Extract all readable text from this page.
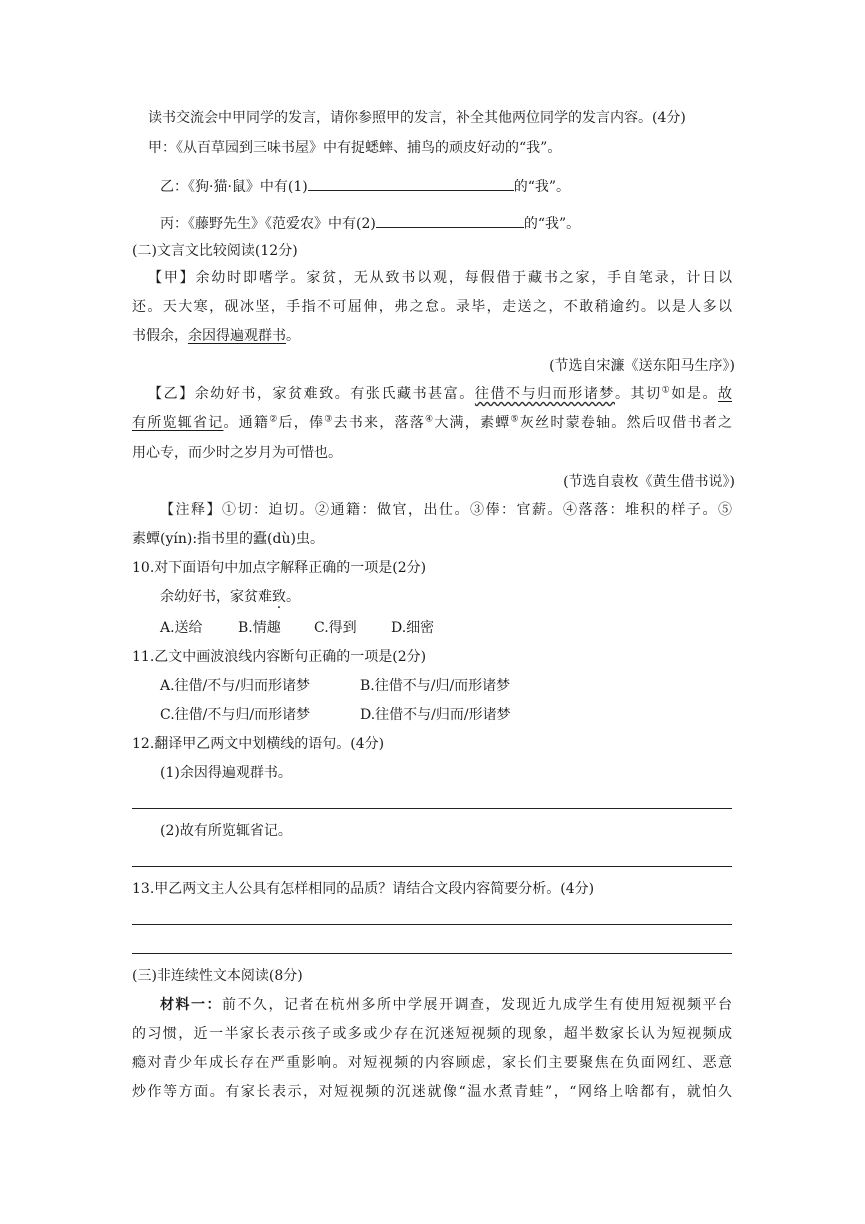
读书交流会中甲同学的发言，请你参照甲的发言，补全其他两位同学的发言内容。(4分)
甲：《从百草园到三味书屋》中有捉蟋蟀、捕鸟的顽皮好动的“我”。
乙：《狗·猫·鼠》中有(1)	的“我”。
丙：《藤野先生》《范爱农》中有(2)	的“我”。
(二)文言文比较阅读(12分)
【甲】余幼时即嗜学。家贫，无从致书以观，每假借于藏书之家，手自笔录，计日以
还。天大寒，砚冰坚，手指不可屈伸，弗之怠。录毕，走送之，不敢稍逾约。以是人多以
书假余，余因得遍观群书。
(节选自宋濂《送东阳马生序》)
【乙】余幼好书，家贫难致。有张氏藏书甚富。往借不与归而形诸梦。其切①如是。故
有所览辄省记。通籍②后，俸③去书来，落落④大满，素蟫⑤灰丝时蒙卷轴。然后叹借书者之
用心专，而少时之岁月为可惜也。
(节选自袁枚《黄生借书说》)
【注释】①切：迫切。②通籍：做官，出仕。③俸：官薪。④落落：堆积的样子。⑤
素蟫(yín):指书里的蠹(dù)虫。
10.对下面语句中加点字解释正确的一项是(2分)
余幼好书，家贫难致。
A.送给	B.情趣 C.得到 D.细密
11.乙文中画波浪线内容断句正确的一项是(2分)
A.往借/不与/归而形诸梦	B.往借不与/归/而形诸梦
C.往借/不与归/而形诸梦	D.往借不与/归而/形诸梦
12.翻译甲乙两文中划横线的语句。(4分)
(1)余因得遍观群书。
(2)故有所览辄省记。
13.甲乙两文主人公具有怎样相同的品质？请结合文段内容简要分析。(4分)
(三)非连续性文本阅读(8分)
材料一：前不久，记者在杭州多所中学展开调查，发现近九成学生有使用短视频平台
的习惯，近一半家长表示孩子或多或少存在沉迷短视频的现象，超半数家长认为短视频成
瘾对青少年成长存在严重影响。对短视频的内容顾虑，家长们主要聚焦在负面网红、恶意
炒作等方面。有家长表示，对短视频的沉迷就像“温水煮青蛙”，“网络上啥都有，就怕久
